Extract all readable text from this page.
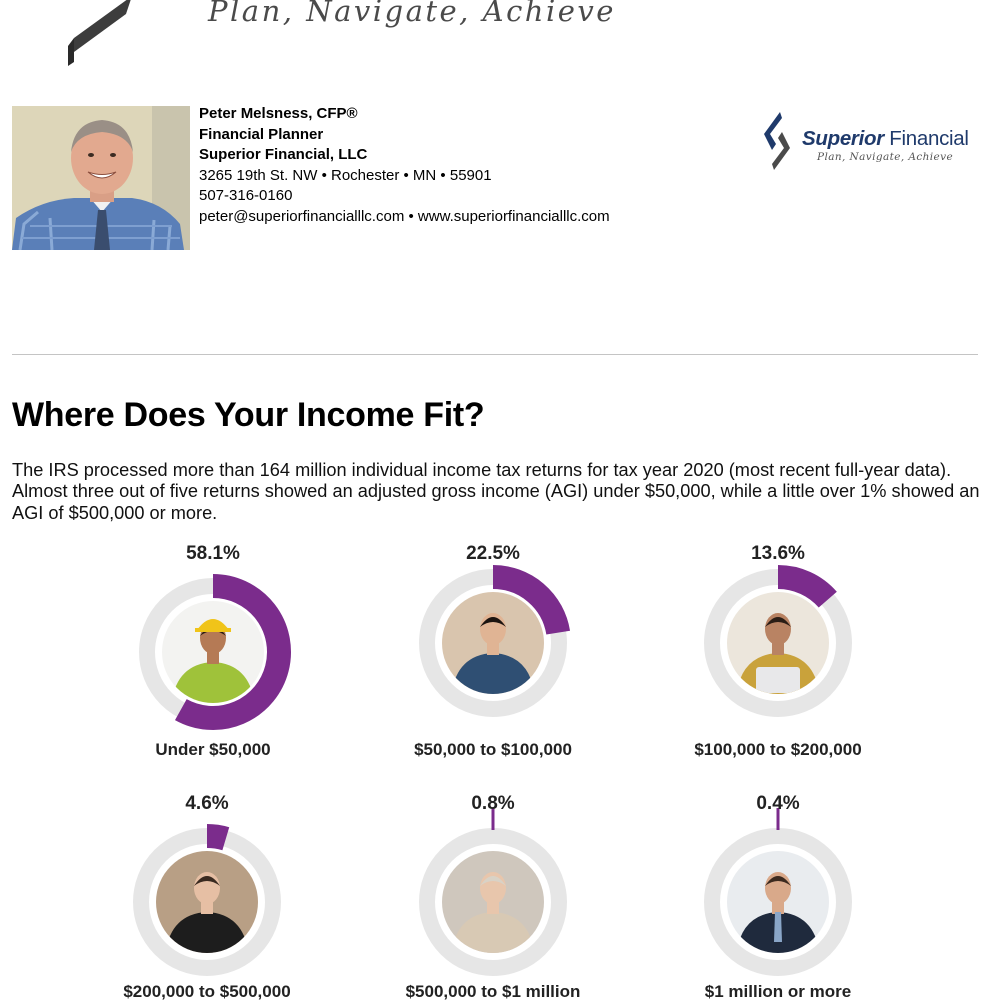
Plan, Navigate, Achieve
Peter Melsness, CFP®
Financial Planner
Superior Financial, LLC
3265 19th St. NW • Rochester • MN • 55901
507-316-0160
peter@superiorfinancialllc.com • www.superiorfinancialllc.com
Superior Financial
Plan, Navigate, Achieve
Where Does Your Income Fit?

The IRS processed more than 164 million individual income tax returns for tax year 2020 (most recent full-year data). Almost three out of five returns showed an adjusted gross income (AGI) under $50,000, while a little over 1% showed an AGI of $500,000 or more.

58.1%
Under $50,000
22.5%
$50,000 to $100,000
13.6%
$100,000 to $200,000
4.6%
$200,000 to $500,000
0.8%
$500,000 to $1 million
0.4%
$1 million or more
